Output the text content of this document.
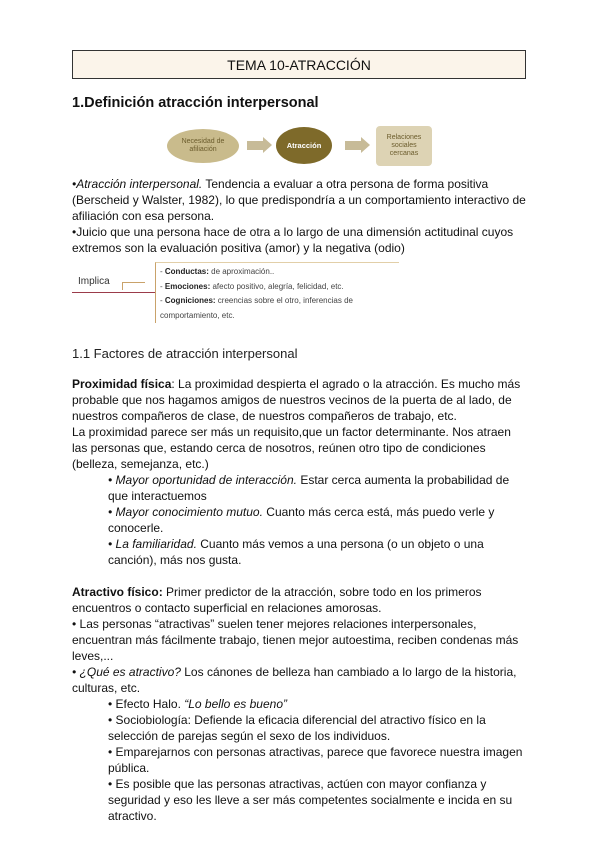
TEMA 10-ATRACCIÓN
1.Definición atracción interpersonal
Necesidad de afiliación	Atracción
Relaciones sociales cercanas
•Atracción interpersonal. Tendencia a evaluar a otra persona de forma positiva (Berscheid y Walster, 1982), lo que predispondría a un comportamiento interactivo de afiliación con esa persona.
•Juicio que una persona hace de otra a lo largo de una dimensión actitudinal cuyos extremos son la evaluación positiva (amor) y la negativa (odio)
Implica
- Conductas: de aproximación..
- Emociones: afecto positivo, alegría, felicidad, etc.
- Cogniciones: creencias sobre el otro, inferencias de comportamiento, etc.
1.1 Factores de atracción interpersonal
Proximidad física: La proximidad despierta el agrado o la atracción. Es mucho más probable que nos hagamos amigos de nuestros vecinos de la puerta de al lado, de nuestros compañeros de clase, de nuestros compañeros de trabajo, etc.
La proximidad parece ser más un requisito,que un factor determinante. Nos atraen las personas que, estando cerca de nosotros, reúnen otro tipo de condiciones (belleza, semejanza, etc.)
• Mayor oportunidad de interacción. Estar cerca aumenta la probabilidad de que interactuemos
• Mayor conocimiento mutuo. Cuanto más cerca está, más puedo verle y conocerle.
• La familiaridad. Cuanto más vemos a una persona (o un objeto o una canción), más nos gusta.
Atractivo físico: Primer predictor de la atracción, sobre todo en los primeros encuentros o contacto superficial en relaciones amorosas.
• Las personas “atractivas” suelen tener mejores relaciones interpersonales, encuentran más fácilmente trabajo, tienen mejor autoestima, reciben condenas más leves,...
• ¿Qué es atractivo? Los cánones de belleza han cambiado a lo largo de la historia, culturas, etc.
• Efecto Halo. “Lo bello es bueno”
• Sociobiología: Defiende la eficacia diferencial del atractivo físico en la selección de parejas según el sexo de los individuos.
• Emparejarnos con personas atractivas, parece que favorece nuestra imagen pública.
• Es posible que las personas atractivas, actúen con mayor confianza y seguridad y eso les lleve a ser más competentes socialmente e incida en su atractivo.
